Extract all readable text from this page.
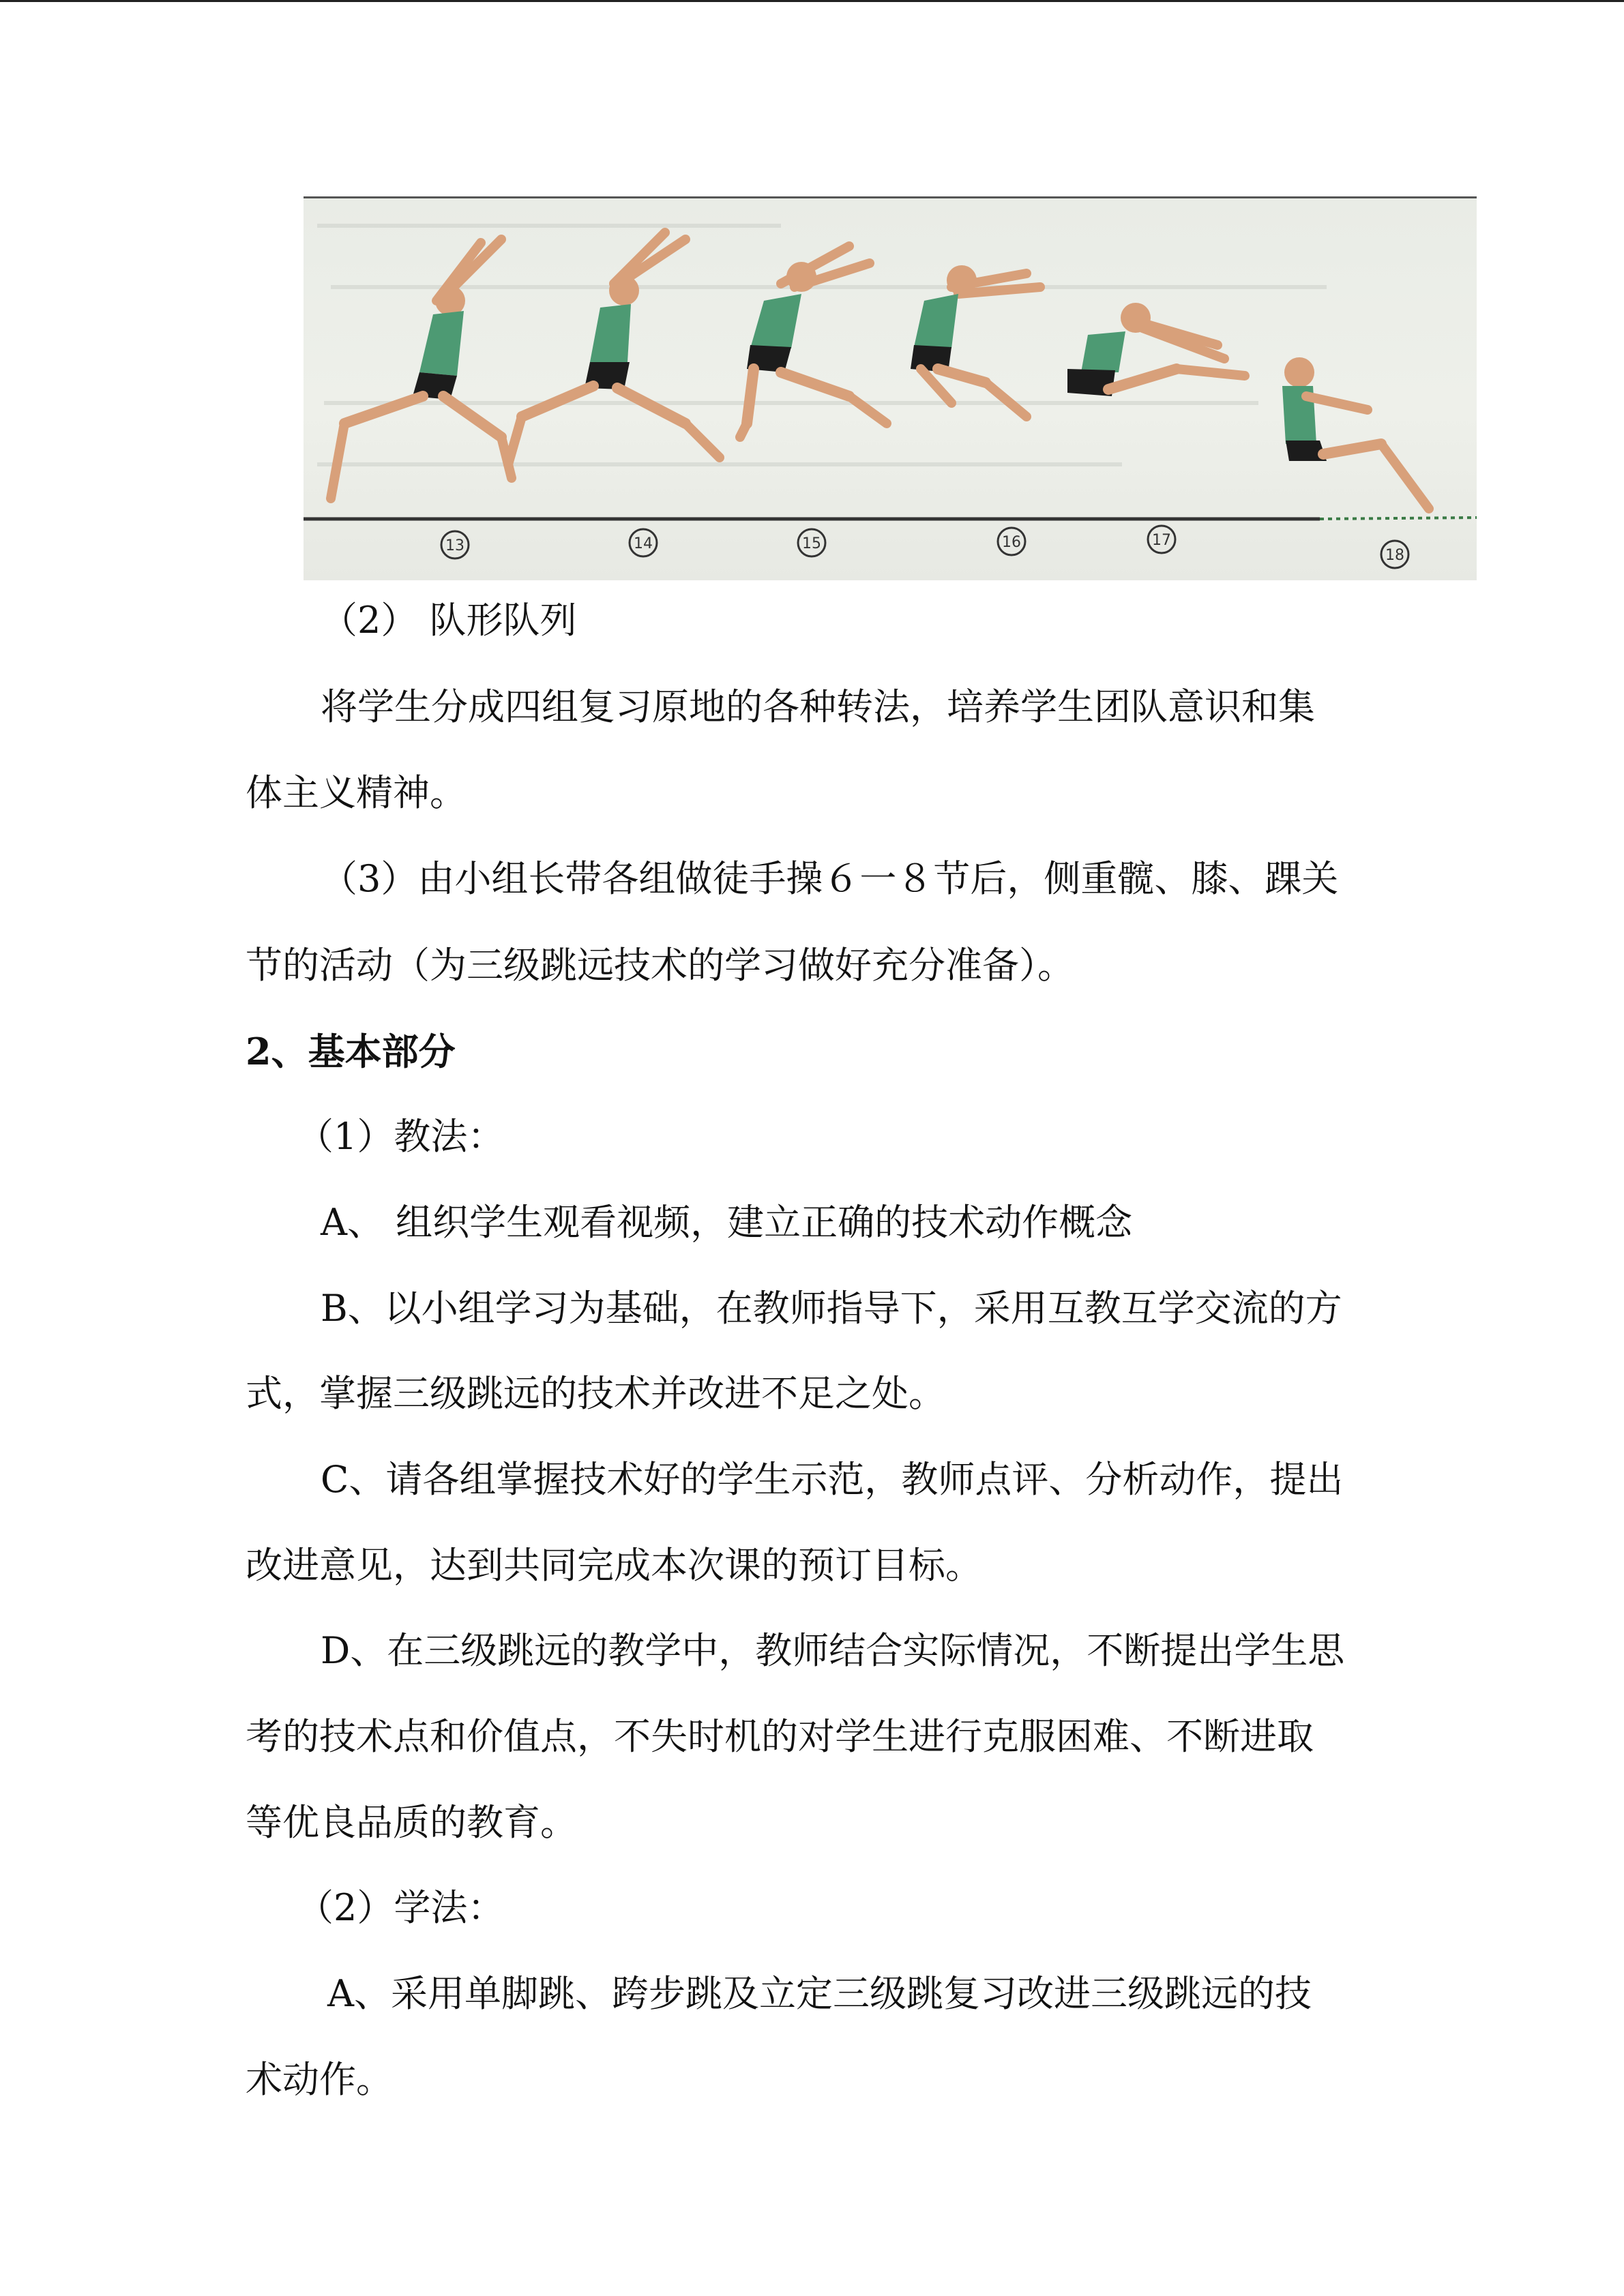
13	14	15	16	17
18
（2） 队形队列
将学生分成四组复习原地的各种转法，培养学生团队意识和集
体主义精神。
（3）由小组长带各组做徒手操６一８节后，侧重髋、膝、踝关
节的活动（为三级跳远技术的学习做好充分准备）。
2、基本部分
（1）教法：
A、 组织学生观看视频，建立正确的技术动作概念
B、以小组学习为基础，在教师指导下，采用互教互学交流的方
式，掌握三级跳远的技术并改进不足之处。
C、请各组掌握技术好的学生示范，教师点评、分析动作，提出
改进意见，达到共同完成本次课的预订目标。
D、在三级跳远的教学中，教师结合实际情况，不断提出学生思
考的技术点和价值点，不失时机的对学生进行克服困难、不断进取
等优良品质的教育。
（2）学法：
A、采用单脚跳、跨步跳及立定三级跳复习改进三级跳远的技
术动作。
